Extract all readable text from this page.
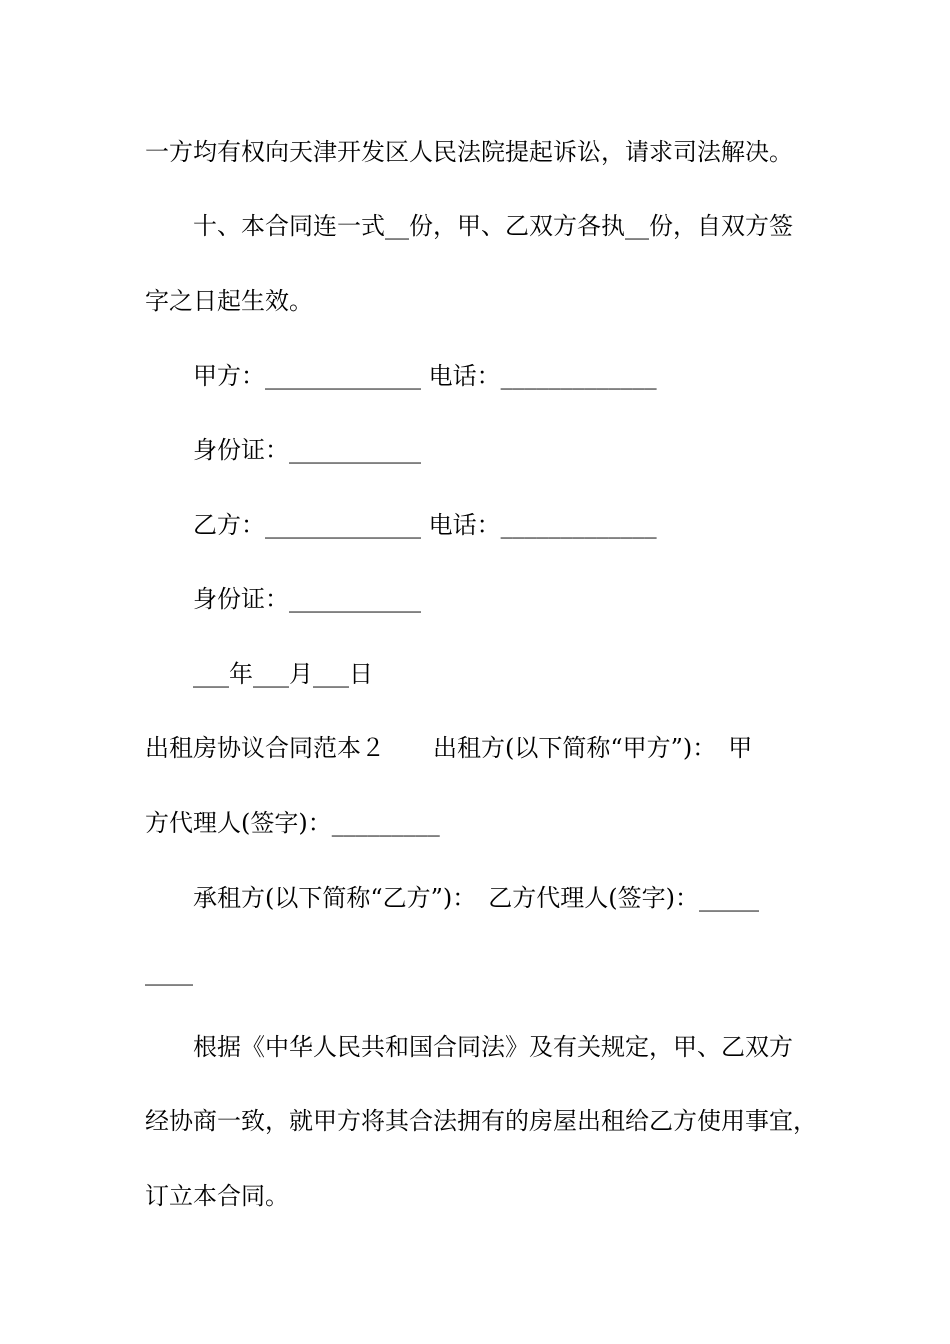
一方均有权向天津开发区人民法院提起诉讼，请求司法解决。
十、本合同连一式__份，甲、乙双方各执__份，自双方签
字之日起生效。
甲方：_____________ 电话：_____________
身份证：___________
乙方：_____________ 电话：_____________
身份证：___________
___年___月___日
出租房协议合同范本２　　出租方(以下简称“甲方”)：　甲
方代理人(签字)：_________
承租方(以下简称“乙方”)：　乙方代理人(签字)：_____
____
根据《中华人民共和国合同法》及有关规定，甲、乙双方
经协商一致，就甲方将其合法拥有的房屋出租给乙方使用事宜，
订立本合同。
